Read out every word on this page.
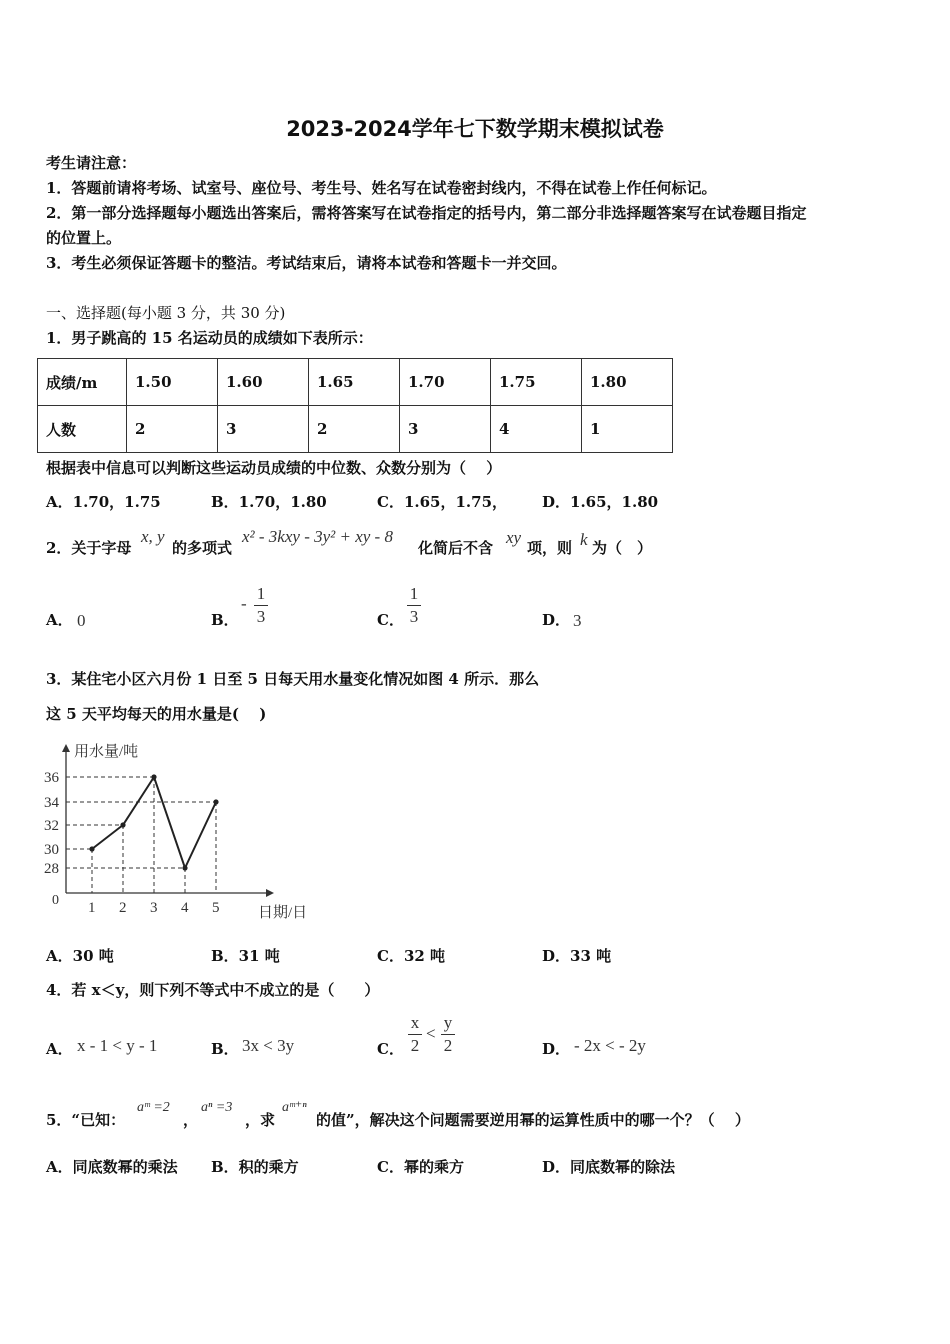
2023-2024学年七下数学期末模拟试卷
考生请注意：
1．答题前请将考场、试室号、座位号、考生号、姓名写在试卷密封线内，不得在试卷上作任何标记。
2．第一部分选择题每小题选出答案后，需将答案写在试卷指定的括号内，第二部分非选择题答案写在试卷题目指定
的位置上。
3．考生必须保证答题卡的整洁。考试结束后，请将本试卷和答题卡一并交回。
一、选择题(每小题 3 分，共 30 分)
1．男子跳高的 15 名运动员的成绩如下表所示：
成绩/m	1.50	1.60	1.65	1.70	1.75	1.80
人数	2	3	2	3	4	1
根据表中信息可以判断这些运动员成绩的中位数、众数分别为（　 ）
A．1.70，1.75	B．1.70，1.80	C．1.65，1.75， D．1.65，1.80
2．关于字母
x, y
的多项式
x² - 3kxy - 3y² + xy - 8
化简后不含
xy
项，则 k 为（　）
A． 0	B．
-
1
3	C．
1
3	D． 3
3．某住宅小区六月份 1 日至 5 日每天用水量变化情况如图 4 所示．那么
这 5 天平均每天的用水量是(　 )
用水量/吨
日期/日
0
36
34
32
30
28
1 2 3 4 5
A．30 吨	B．31 吨	C．32 吨	D．33 吨
4．若 x＜y，则下列不等式中不成立的是（　　）
A． x - 1 < y - 1	B． 3x < 3y	C．
x
2
<
y
2	D． - 2x < - 2y
5．“已知：
aᵐ =2
，
aⁿ =3
，求
aᵐ⁺ⁿ
的值”，解决这个问题需要逆用幂的运算性质中的哪一个？（　 ）
A．同底数幂的乘法 B．积的乘方	C．幂的乘方	D．同底数幂的除法
